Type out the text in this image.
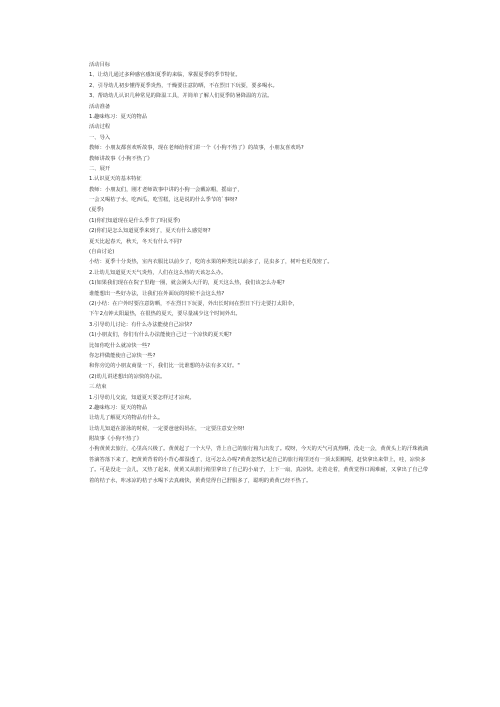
活动目标
1、让幼儿通过多种感官感知夏季的来临，掌握夏季的季节特征。
2、引导幼儿初步懂得夏季炎热，干燥要注意防晒，不在烈日下玩耍，要多喝水。
3、帮助幼儿认识几种常见的降温工具，并简单了解人们夏季防暑降温的方法。
活动准备
1.趣味练习：夏天的物品
活动过程
一、导入
教师：小朋友都喜欢听故事，现在老师给你们讲一个《小狗不热了》的故事，小朋友喜欢吗?
教师讲故事《小狗不热了》
二、展开
1.认识夏天的基本特征
教师：小朋友们，刚才老师故事中讲的小狗一会戴凉帽，摇扇子，
一会又喝桔子水，吃西瓜，吃雪糕，这是说的什么季节的`事呀?
(夏季)
(1)你们知道现在是什么季节了吗(夏季)
(2)你们是怎么知道夏季来到了，夏天有什么感觉呀?
夏天比起春天，秋天，冬天有什么不同?
(自由讨论)
小结：夏季十分炎热，室内衣服比以前少了，吃的水果的种类比以前多了，昆虫多了，树叶也更茂密了。
2.让幼儿知道夏天天气炎热，人们在这么热的天该怎么办。
(1)如果我们现在在院子里跑一圈，就会满头大汗的，夏天这么热，我们该怎么办呢?
谁能想出一些好办法，让我们在外面玩的时候不会这么热?
(2)小结：在户外时要注意防晒，不在烈日下玩耍，外出长时间在烈日下行走要打太阳伞，
下午2点钟太阳最热，在很热的夏天，要尽量减少这个时间外出。
3.引导幼儿讨论：有什么办法能使自己凉快?
(1)小朋友们，你们有什么办法能使自己过一个凉快的夏天呢?
比如你吃什么就凉快一些?
你怎样做能使自己凉快一些?
和你旁边的小朋友商量一下，我们比一比谁想的办法有多又好。"
(2)幼儿讲述想出的凉快的办法。
三.结束
1.引导幼儿交流，知道夏天要怎样过才凉爽。
2.趣味练习：夏天的物品
让幼儿了解夏天的物品有什么。
让幼儿知道在游泳的时候，一定要爸爸妈妈在，一定要注意安全呀!
附故事《小狗不热了》
小狗黄黄去旅行，心里高兴极了。黄黄起了一个大早，背上自己的旅行箱九出发了。哎呀，今天的天气可真热啊，没走一会，黄黄头上的汗珠就滴答滴答落下来了，把黄黄背着的小背心都湿透了，这可怎么办呢?黄黄忽然记起自己的旅行箱里还有一顶太阳帽呢，赶快拿出来带上，哇，凉快多了。可是没走一会儿，又热了起来，黄黄又从旅行箱里拿出了自己的小扇子，上下一扇，真凉快。走着走着，黄黄觉得口渴难耐，又拿出了自己带着的桔子水，咔冰凉的桔子水喝下去真痛快，黄黄觉得自己舒服多了，聪明的黄黄已经不热了。
